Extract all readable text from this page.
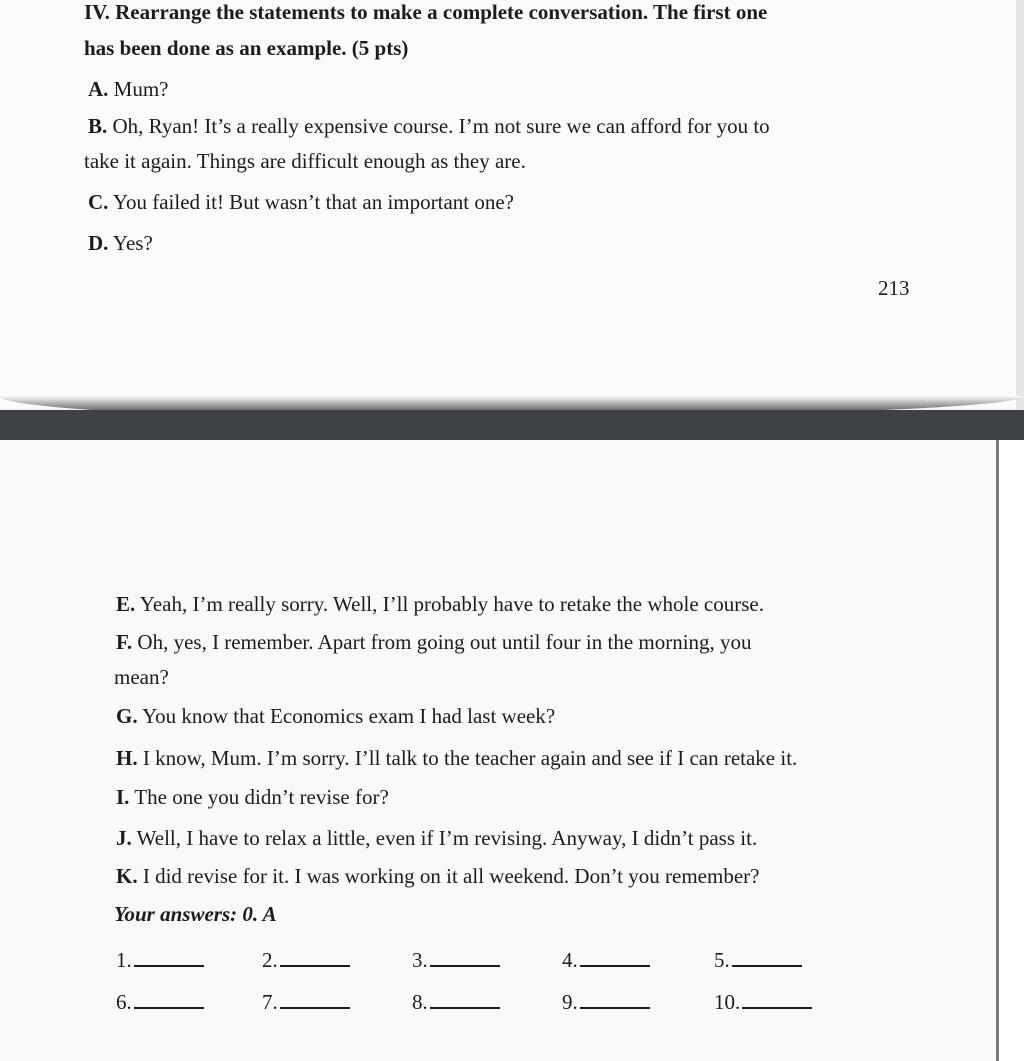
IV. Rearrange the statements to make a complete conversation. The first one
has been done as an example. (5 pts)
A. Mum?
B. Oh, Ryan! It’s a really expensive course. I’m not sure we can afford for you to
take it again. Things are difficult enough as they are.
C. You failed it! But wasn’t that an important one?
D. Yes?
213
E. Yeah, I’m really sorry. Well, I’ll probably have to retake the whole course.
F. Oh, yes, I remember. Apart from going out until four in the morning, you
mean?
G. You know that Economics exam I had last week?
H. I know, Mum. I’m sorry. I’ll talk to the teacher again and see if I can retake it.
I. The one you didn’t revise for?
J. Well, I have to relax a little, even if I’m revising. Anyway, I didn’t pass it.
K. I did revise for it. I was working on it all weekend. Don’t you remember?
Your answers: 0. A
1.	2.	3.	4.	5.
6.	7.	8.	9.	10.
